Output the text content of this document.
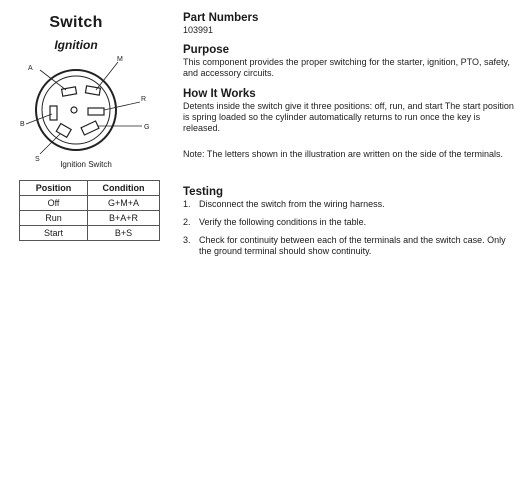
Switch
Ignition
A
M
R
B	G
S
Ignition Switch
Position	Condition
Off	G+M+A
Run	B+A+R
Start	B+S

Part Numbers

103991

Purpose

This component provides the proper switching for the starter, ignition, PTO, safety, and accessory circuits.

How It Works

Detents inside the switch give it three positions: off, run, and start The start position is spring loaded so the cylinder automatically returns to run once the key is released.

Note: The letters shown in the illustration are written on the side of the terminals.

Testing

1. Disconnect the switch from the wiring harness.
2. Verify the following conditions in the table.
3. Check for continuity between each of the terminals and the switch case. Only the ground terminal should show continuity.
